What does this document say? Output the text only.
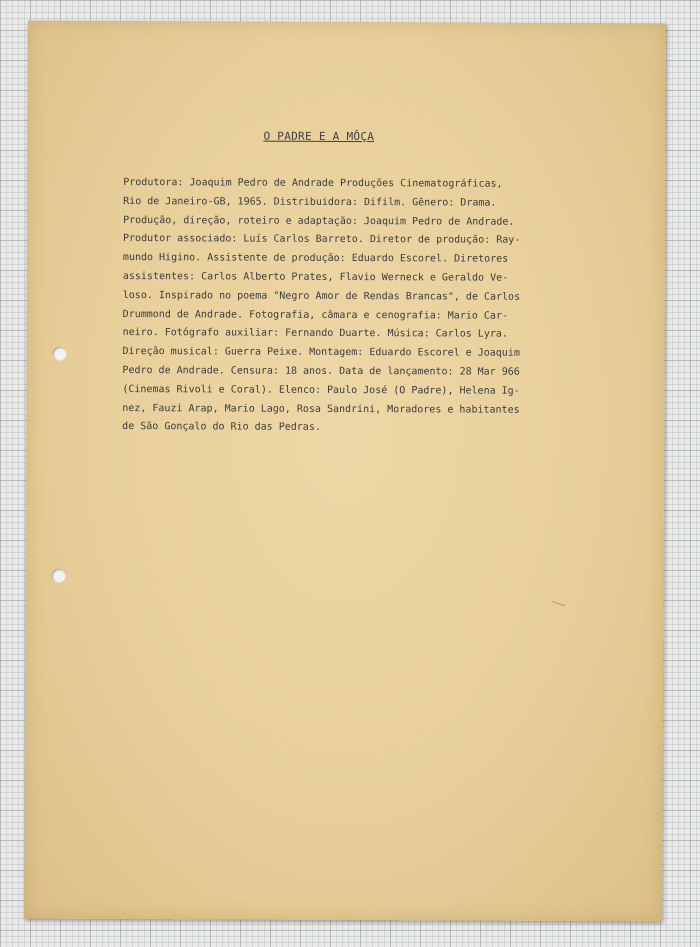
O PADRE E A MÔÇA
Produtora: Joaquim Pedro de Andrade Produções Cinematográficas,
Rio de Janeiro-GB, 1965. Distribuidora: Difilm. Gênero: Drama.
Produção, direção, roteiro e adaptação: Joaquim Pedro de Andrade.
Produtor associado: Luís Carlos Barreto. Diretor de produção: Ray-
mundo Higino. Assistente de produção: Eduardo Escorel. Diretores
assistentes: Carlos Alberto Prates, Flavio Werneck e Geraldo Ve-
loso. Inspirado no poema "Negro Amor de Rendas Brancas", de Carlos
Drummond de Andrade. Fotografia, câmara e cenografia: Mario Car-
neiro. Fotógrafo auxiliar: Fernando Duarte. Música: Carlos Lyra.
Direção musical: Guerra Peixe. Montagem: Eduardo Escorel e Joaquim
Pedro de Andrade. Censura: 18 anos. Data de lançamento: 28 Mar 966
(Cinemas Rivoli e Coral). Elenco: Paulo José (O Padre), Helena Ig-
nez, Fauzi Arap, Mario Lago, Rosa Sandrini, Moradores e habitantes
de São Gonçalo do Rio das Pedras.
